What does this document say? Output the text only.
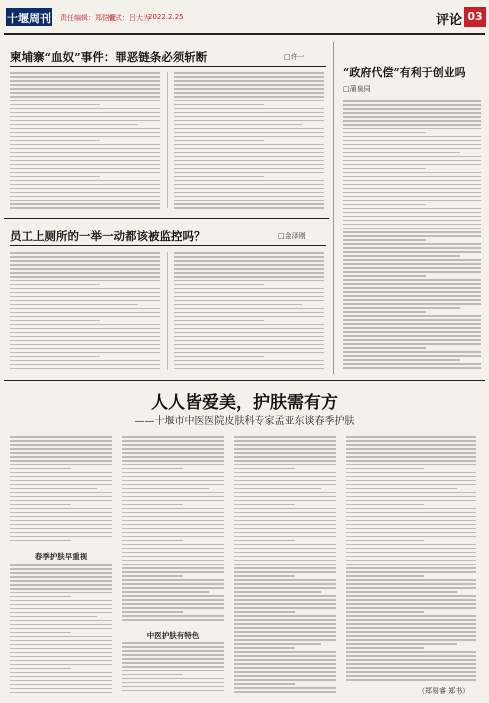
十堰周刊 责任编辑：郑恺萱
版式：吕大为
2022.2.25	评论 03
柬埔寨“血奴”事件：罪恶链条必须斩断	□许一
员工上厕所的一举一动都该被监控吗？	□金泽刚
“政府代偿”有利于创业吗
□蒲泉同
人人皆爱美，护肤需有方
——十堰市中医医院皮肤科专家孟亚东谈春季护肤
春季护肤早重视
中医护肤有特色
（郑易睿 郑书）
